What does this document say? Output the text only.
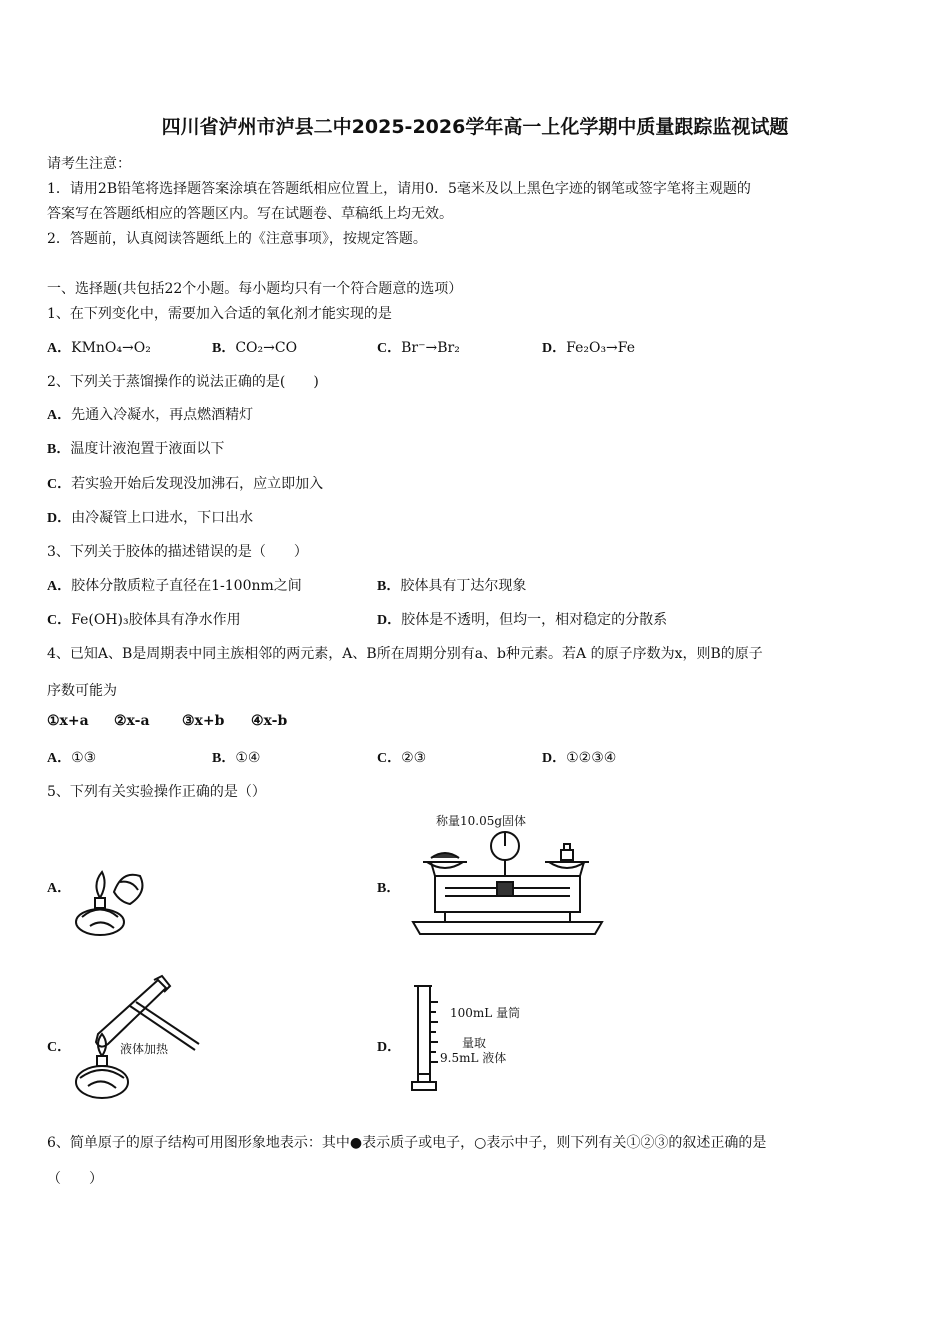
四川省泸州市泸县二中2025-2026学年高一上化学期中质量跟踪监视试题
请考生注意：
1．请用2B铅笔将选择题答案涂填在答题纸相应位置上，请用0．5毫米及以上黑色字迹的钢笔或签字笔将主观题的
答案写在答题纸相应的答题区内。写在试题卷、草稿纸上均无效。
2．答题前，认真阅读答题纸上的《注意事项》，按规定答题。
一、选择题(共包括22个小题。每小题均只有一个符合题意的选项）
1、在下列变化中，需要加入合适的氧化剂才能实现的是
A．KMnO₄→O₂	B．CO₂→CO	C．Br⁻→Br₂	D．Fe₂O₃→Fe
2、下列关于蒸馏操作的说法正确的是(　　)
A．先通入冷凝水，再点燃酒精灯
B．温度计液泡置于液面以下
C．若实验开始后发现没加沸石，应立即加入
D．由冷凝管上口进水，下口出水
3、下列关于胶体的描述错误的是（　　）
A．胶体分散质粒子直径在1-100nm之间	B．胶体具有丁达尔现象
C．Fe(OH)₃胶体具有净水作用	D．胶体是不透明，但均一，相对稳定的分散系
4、已知A、B是周期表中同主族相邻的两元素，A、B所在周期分别有a、b种元素。若A 的原子序数为x，则B的原子
序数可能为
①x+a ②x-a ③x+b ④x-b
A．①③	B．①④	C．②③	D．①②③④
5、下列有关实验操作正确的是（）
A．	B．
称量10.05g固体
C．	液体加热	D．
100mL 量筒
量取
9.5mL 液体
6、简单原子的原子结构可用图形象地表示：其中●表示质子或电子，○表示中子，则下列有关①②③的叙述正确的是
（　　）
